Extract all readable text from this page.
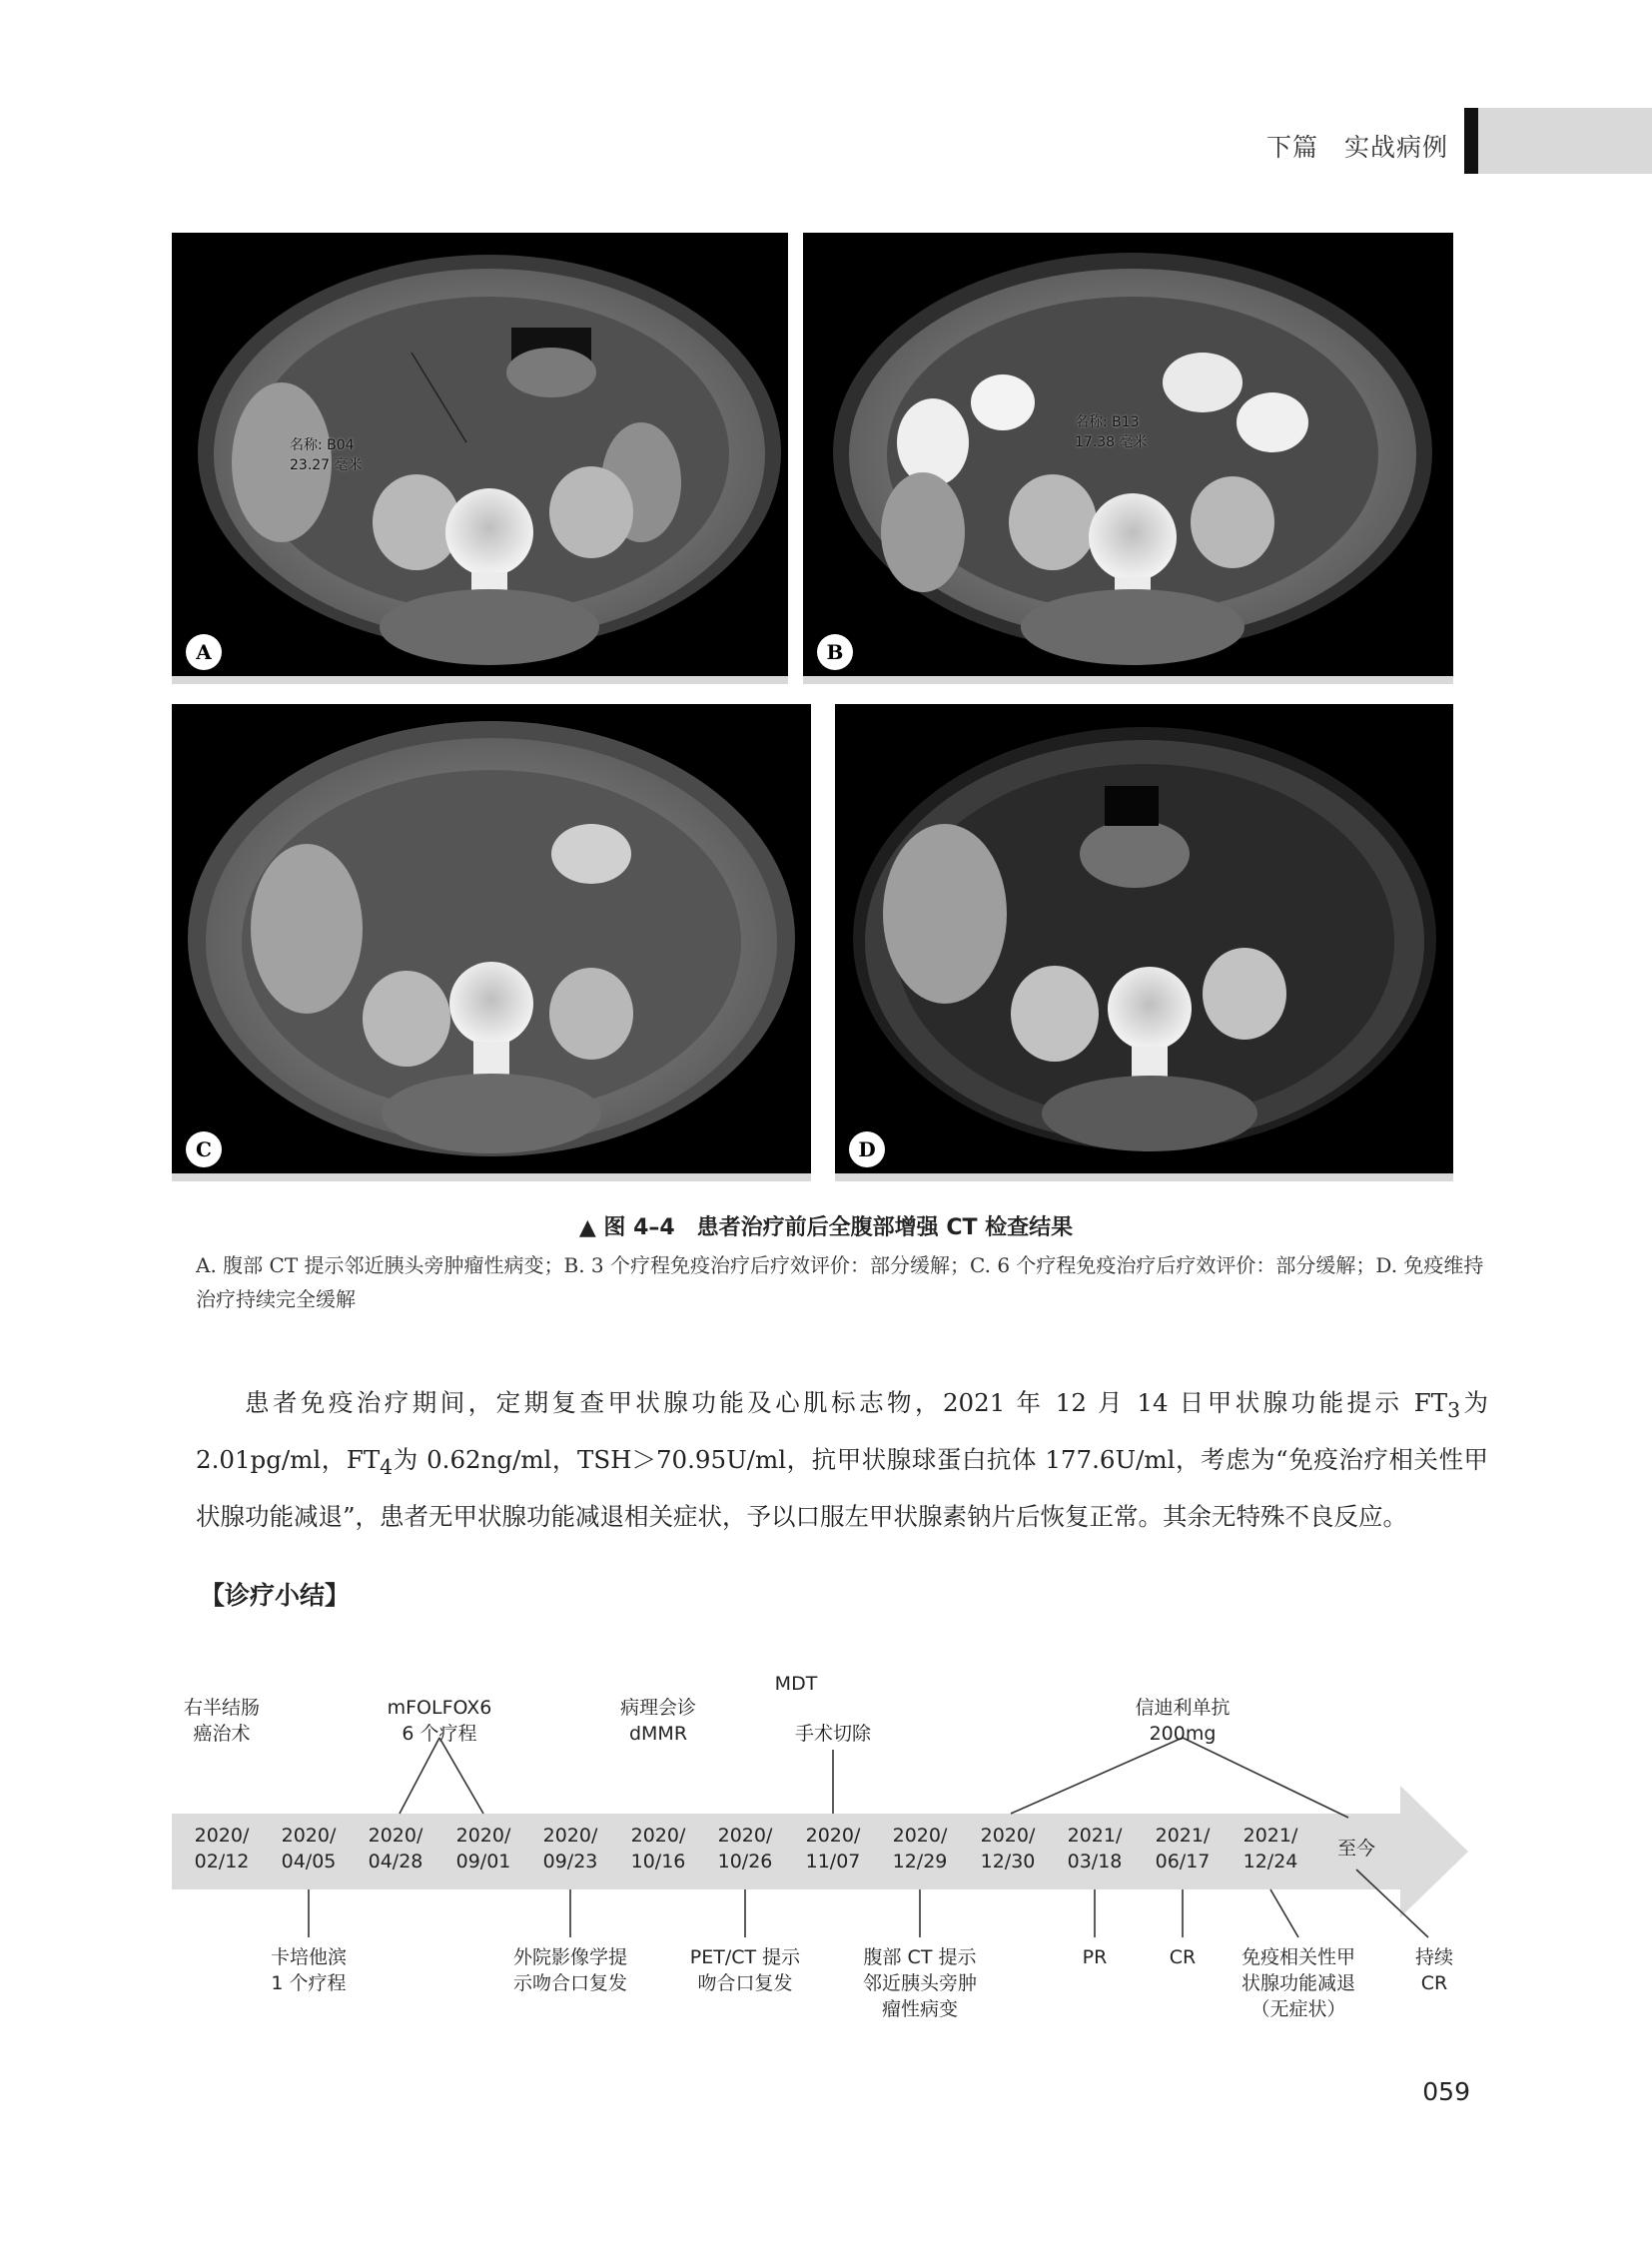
下篇　实战病例
名称: B04
23.27 毫米
A
名称: B13
17.38 毫米
B
C	D
▲ 图 4–4　患者治疗前后全腹部增强 CT 检查结果
A. 腹部 CT 提示邻近胰头旁肿瘤性病变；B. 3 个疗程免疫治疗后疗效评价：部分缓解；C. 6 个疗程免疫治疗后疗效评价：部分缓解；D. 免疫维持治疗持续完全缓解
患者免疫治疗期间，定期复查甲状腺功能及心肌标志物，2021 年 12 月 14 日甲状腺功能提示 $FT_3$为 2.01pg/ml，$FT_4$为 0.62ng/ml，TSH＞70.95U/ml，抗甲状腺球蛋白抗体 177.6U/ml，考虑为“免疫治疗相关性甲状腺功能减退”，患者无甲状腺功能减退相关症状，予以口服左甲状腺素钠片后恢复正常。其余无特殊不良反应。
【诊疗小结】
2020/ 02/12
2020/ 04/05
2020/ 04/28
2020/ 09/01
2020/ 09/23
2020/ 10/16
2020/ 10/26
2020/ 11/07
2020/ 12/29
2020/ 12/30
2021/ 03/18
2021/ 06/17
2021/ 12/24
至今
右半结肠癌治术
mFOLFOX6 6 个疗程
病理会诊 dMMR
MDT
手术切除
信迪利单抗 200mg
卡培他滨 1 个疗程
外院影像学提示吻合口复发
PET/CT 提示吻合口复发
腹部 CT 提示邻近胰头旁肿瘤性病变
PR	CR 免疫相关性甲状腺功能减退（无症状）
持续 CR
059
